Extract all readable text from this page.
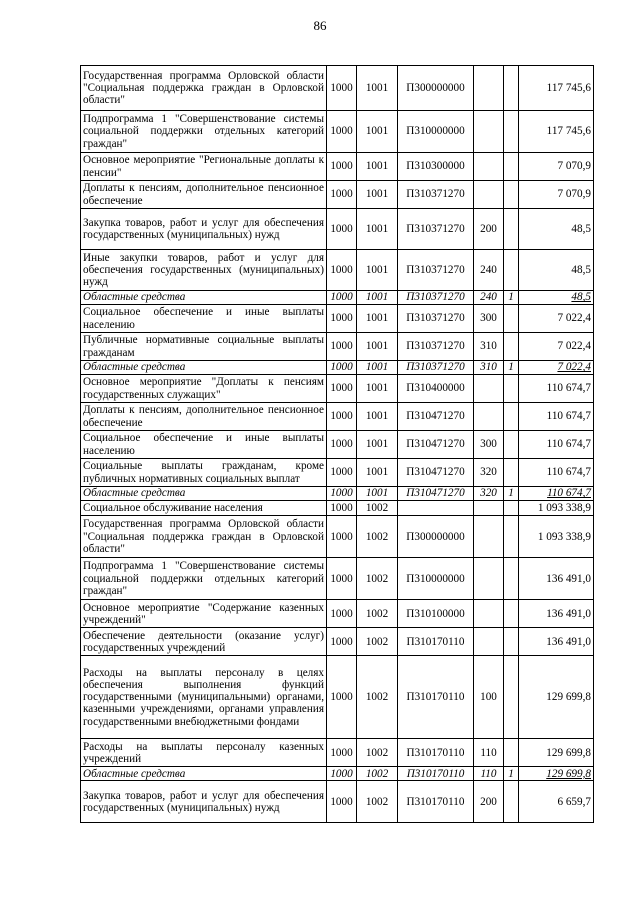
86
Государственная программа Орловской области "Социальная поддержка граждан в Орловской области"	1000	1001	П300000000			117 745,6
Подпрограмма 1 "Совершенствование системы социальной поддержки отдельных категорий граждан"	1000	1001	П310000000			117 745,6
Основное мероприятие "Региональные доплаты к пенсии"	1000	1001	П310300000			7 070,9
Доплаты к пенсиям, дополнительное пенсионное обеспечение	1000	1001	П310371270			7 070,9
Закупка товаров, работ и услуг для обеспечения государственных (муниципальных) нужд	1000	1001	П310371270	200		48,5
Иные закупки товаров, работ и услуг для обеспечения государственных (муниципальных) нужд	1000	1001	П310371270	240		48,5
Областные средства	1000	1001	П310371270	240	1	48,5
Социальное обеспечение и иные выплаты населению	1000	1001	П310371270	300		7 022,4
Публичные нормативные социальные выплаты гражданам	1000	1001	П310371270	310		7 022,4
Областные средства	1000	1001	П310371270	310	1	7 022,4
Основное мероприятие "Доплаты к пенсиям государственных служащих"	1000	1001	П310400000			110 674,7
Доплаты к пенсиям, дополнительное пенсионное обеспечение	1000	1001	П310471270			110 674,7
Социальное обеспечение и иные выплаты населению	1000	1001	П310471270	300		110 674,7
Социальные выплаты гражданам, кроме публичных нормативных социальных выплат	1000	1001	П310471270	320		110 674,7
Областные средства	1000	1001	П310471270	320	1	110 674,7
Социальное обслуживание населения	1000	1002				1 093 338,9
Государственная программа Орловской области "Социальная поддержка граждан в Орловской области"	1000	1002	П300000000			1 093 338,9
Подпрограмма 1 "Совершенствование системы социальной поддержки отдельных категорий граждан"	1000	1002	П310000000			136 491,0
Основное мероприятие "Содержание казенных учреждений"	1000	1002	П310100000			136 491,0
Обеспечение деятельности (оказание услуг) государственных учреждений	1000	1002	П310170110			136 491,0
Расходы на выплаты персоналу в целях обеспечения выполнения функций государственными (муниципальными) органами, казенными учреждениями, органами управления государственными внебюджетными фондами	1000	1002	П310170110	100		129 699,8
Расходы на выплаты персоналу казенных учреждений	1000	1002	П310170110	110		129 699,8
Областные средства	1000	1002	П310170110	110	1	129 699,8
Закупка товаров, работ и услуг для обеспечения государственных (муниципальных) нужд	1000	1002	П310170110	200		6 659,7
